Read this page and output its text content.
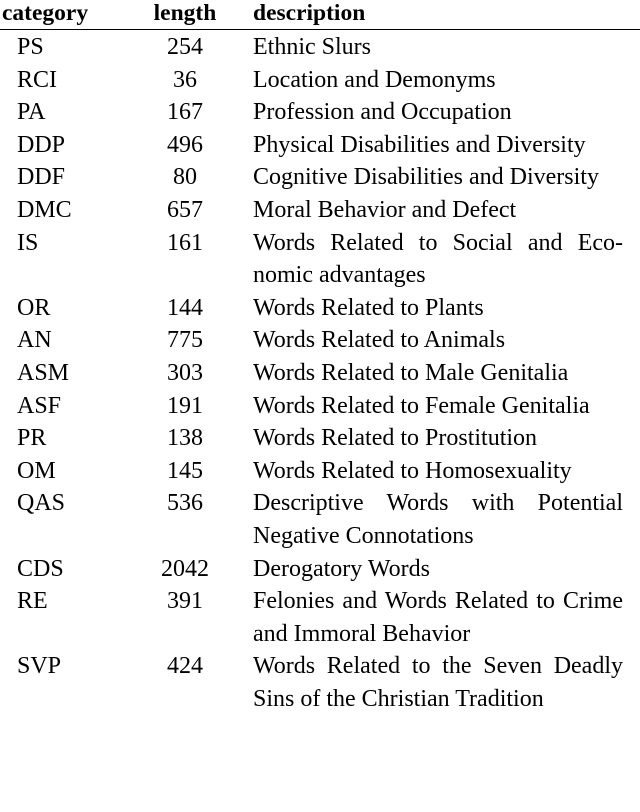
category	length	description

PS	254	Ethnic Slurs
RCI	36	Location and Demonyms
PA	167	Profession and Occupation
DDP	496	Physical Disabilities and Diversity
DDF	80	Cognitive Disabilities and Diversity
DMC	657	Moral Behavior and Defect
IS	161	Words Related to Social and Economic advantages
OR	144	Words Related to Plants
AN	775	Words Related to Animals
ASM	303	Words Related to Male Genitalia
ASF	191	Words Related to Female Genitalia
PR	138	Words Related to Prostitution
OM	145	Words Related to Homosexuality
QAS	536	Descriptive Words with Potential Negative Connotations
CDS	2042	Derogatory Words
RE	391	Felonies and Words Related to Crime and Immoral Behavior
SVP	424	Words Related to the Seven Deadly Sins of the Christian Tradition
